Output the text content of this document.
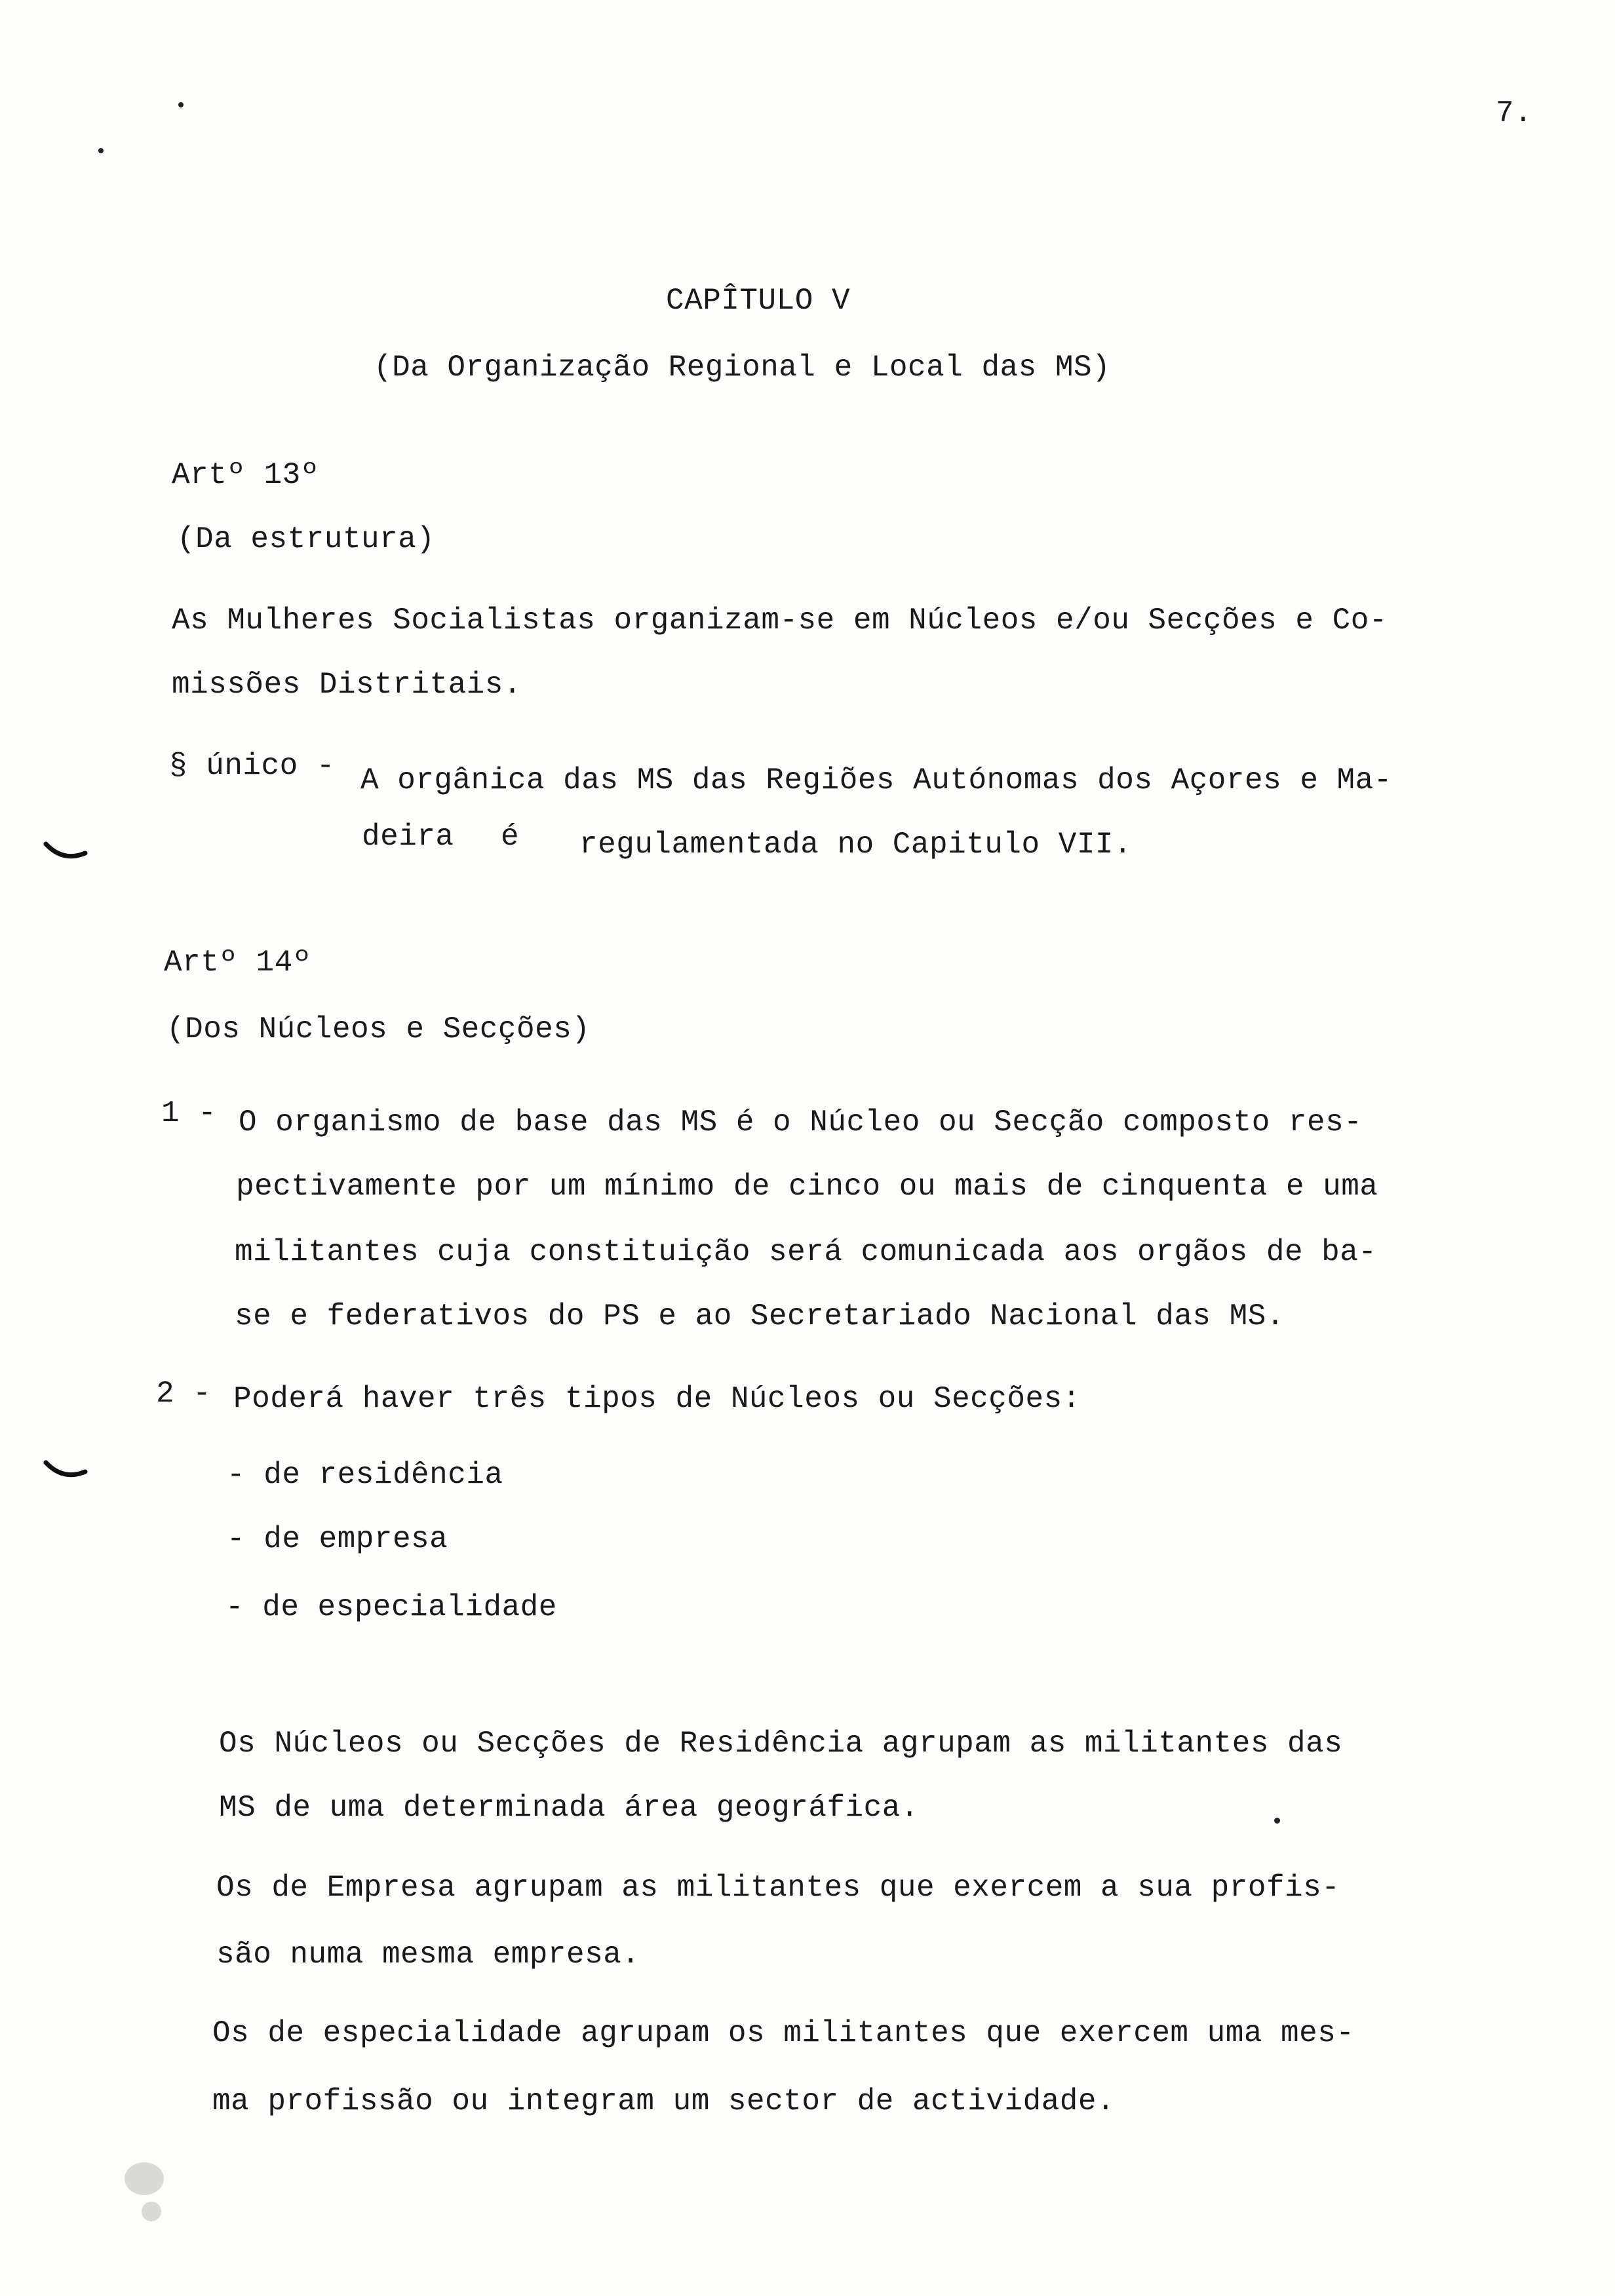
7.
CAPÎTULO V
(Da Organização Regional e Local das MS)
Artº 13º
(Da estrutura)
As Mulheres Socialistas organizam-se em Núcleos e/ou Secções e Co-
missões Distritais.
§ único - A orgânica das MS das Regiões Autónomas dos Açores e Ma-
deira é regulamentada no Capitulo VII.
Artº 14º
(Dos Núcleos e Secções)
1 - O organismo de base das MS é o Núcleo ou Secção composto res-
pectivamente por um mínimo de cinco ou mais de cinquenta e uma
militantes cuja constituição será comunicada aos orgãos de ba-
se e federativos do PS e ao Secretariado Nacional das MS.
2 - Poderá haver três tipos de Núcleos ou Secções:
- de residência
- de empresa
- de especialidade
Os Núcleos ou Secções de Residência agrupam as militantes das
MS de uma determinada área geográfica.
Os de Empresa agrupam as militantes que exercem a sua profis-
são numa mesma empresa.
Os de especialidade agrupam os militantes que exercem uma mes-
ma profissão ou integram um sector de actividade.
